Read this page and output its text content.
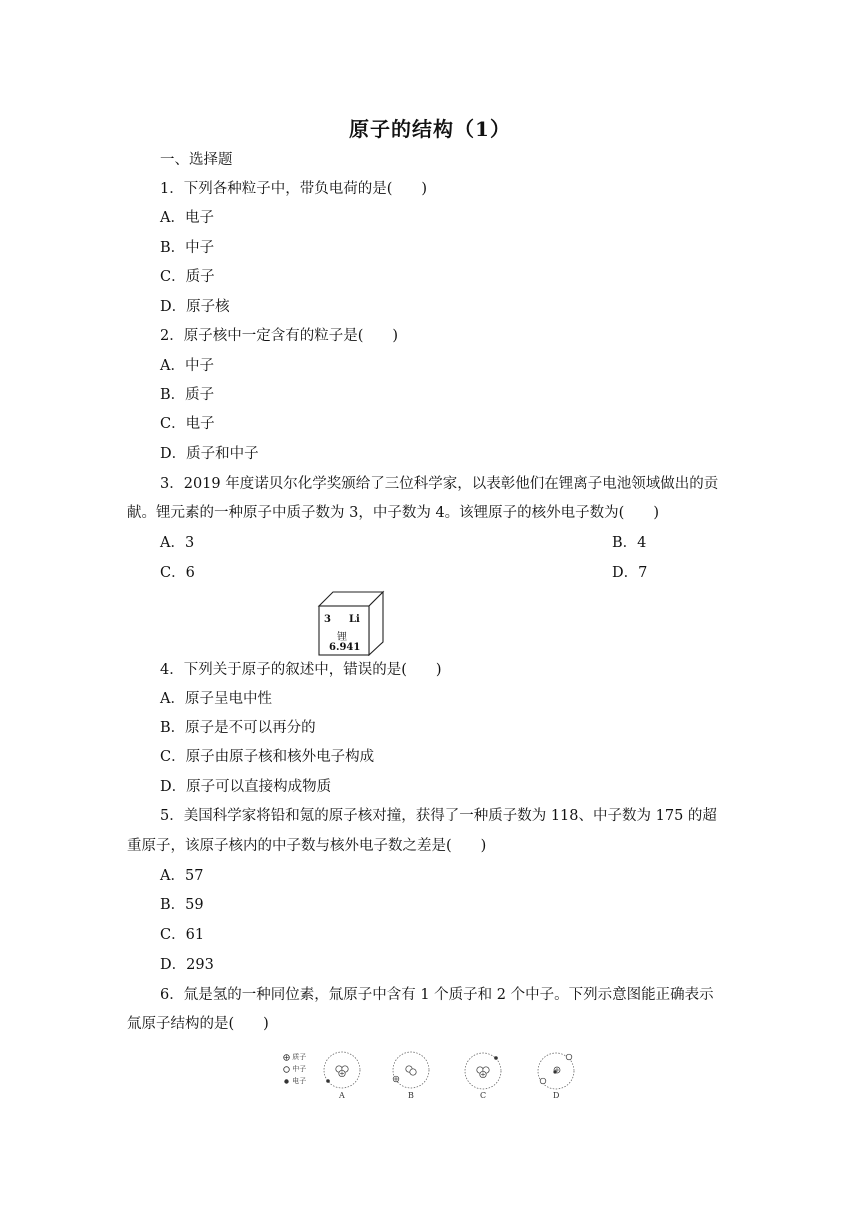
原子的结构（1）
一、选择题
1．下列各种粒子中，带负电荷的是(　　)
A．电子
B．中子
C．质子
D．原子核
2．原子核中一定含有的粒子是(　　)
A．中子
B．质子
C．电子
D．质子和中子
3．2019 年度诺贝尔化学奖颁给了三位科学家，以表彰他们在锂离子电池领域做出的贡
献。锂元素的一种原子中质子数为 3，中子数为 4。该锂原子的核外电子数为(　　)
A．3	B．4
C．6	D．7
3 Li
锂
6.941
4．下列关于原子的叙述中，错误的是(　　)
A．原子呈电中性
B．原子是不可以再分的
C．原子由原子核和核外电子构成
D．原子可以直接构成物质
5．美国科学家将铅和氪的原子核对撞，获得了一种质子数为 118、中子数为 175 的超
重原子，该原子核内的中子数与核外电子数之差是(　　)
A．57
B．59
C．61
D．293
6．氚是氢的一种同位素，氚原子中含有 1 个质子和 2 个中子。下列示意图能正确表示
氚原子结构的是(　　)
质子
中子
电子
A	B	C	D
